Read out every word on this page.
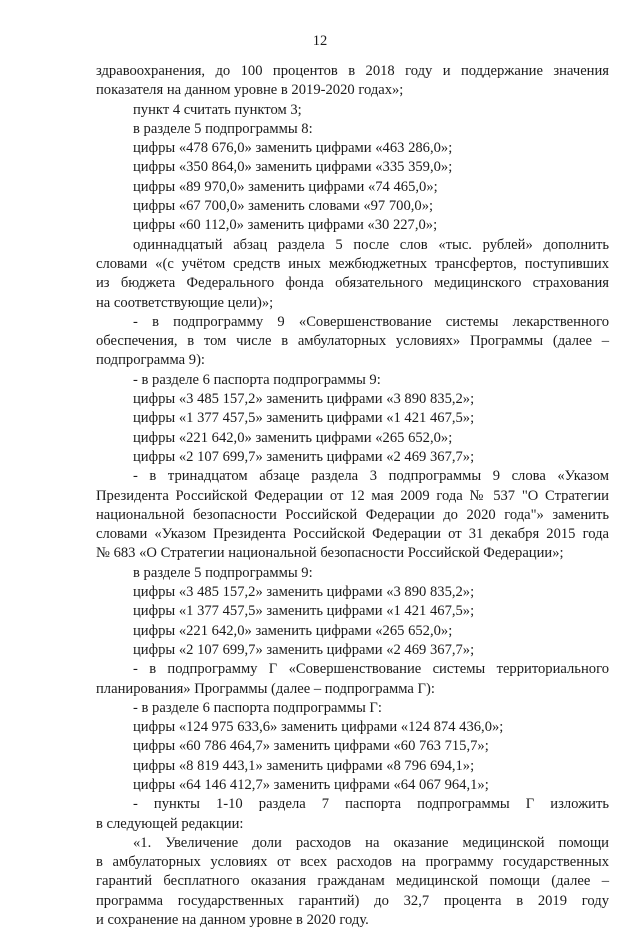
12

здравоохранения, до 100 процентов в 2018 году и поддержание значения
показателя на данном уровне в 2019-2020 годах»;

пункт 4 считать пунктом 3;

в разделе 5 подпрограммы 8:

цифры «478 676,0» заменить цифрами «463 286,0»;

цифры «350 864,0» заменить цифрами «335 359,0»;

цифры «89 970,0» заменить цифрами «74 465,0»;

цифры «67 700,0» заменить словами «97 700,0»;

цифры «60 112,0» заменить цифрами «30 227,0»;

одиннадцатый абзац раздела 5 после слов «тыс. рублей» дополнить
словами «(с учётом средств иных межбюджетных трансфертов, поступивших
из бюджета Федерального фонда обязательного медицинского страхования
на соответствующие цели)»;

- в подпрограмму 9 «Совершенствование системы лекарственного
обеспечения, в том числе в амбулаторных условиях» Программы (далее –
подпрограмма 9):

- в разделе 6 паспорта подпрограммы 9:

цифры «3 485 157,2» заменить цифрами «3 890 835,2»;

цифры «1 377 457,5» заменить цифрами «1 421 467,5»;

цифры «221 642,0» заменить цифрами «265 652,0»;

цифры «2 107 699,7» заменить цифрами «2 469 367,7»;

- в тринадцатом абзаце раздела 3 подпрограммы 9 слова «Указом
Президента Российской Федерации от 12 мая 2009 года № 537 "О Стратегии
национальной безопасности Российской Федерации до 2020 года"» заменить
словами «Указом Президента Российской Федерации от 31 декабря 2015 года
№ 683 «О Стратегии национальной безопасности Российской Федерации»;

в разделе 5 подпрограммы 9:

цифры «3 485 157,2» заменить цифрами «3 890 835,2»;

цифры «1 377 457,5» заменить цифрами «1 421 467,5»;

цифры «221 642,0» заменить цифрами «265 652,0»;

цифры «2 107 699,7» заменить цифрами «2 469 367,7»;

- в подпрограмму Г «Совершенствование системы территориального
планирования» Программы (далее – подпрограмма Г):

- в разделе 6 паспорта подпрограммы Г:

цифры «124 975 633,6» заменить цифрами «124 874 436,0»;

цифры «60 786 464,7» заменить цифрами «60 763 715,7»;

цифры «8 819 443,1» заменить цифрами «8 796 694,1»;

цифры «64 146 412,7» заменить цифрами «64 067 964,1»;

- пункты 1-10 раздела 7 паспорта подпрограммы Г изложить
в следующей редакции:

«1. Увеличение доли расходов на оказание медицинской помощи
в амбулаторных условиях от всех расходов на программу государственных
гарантий бесплатного оказания гражданам медицинской помощи (далее –
программа государственных гарантий) до 32,7 процента в 2019 году
и сохранение на данном уровне в 2020 году.
